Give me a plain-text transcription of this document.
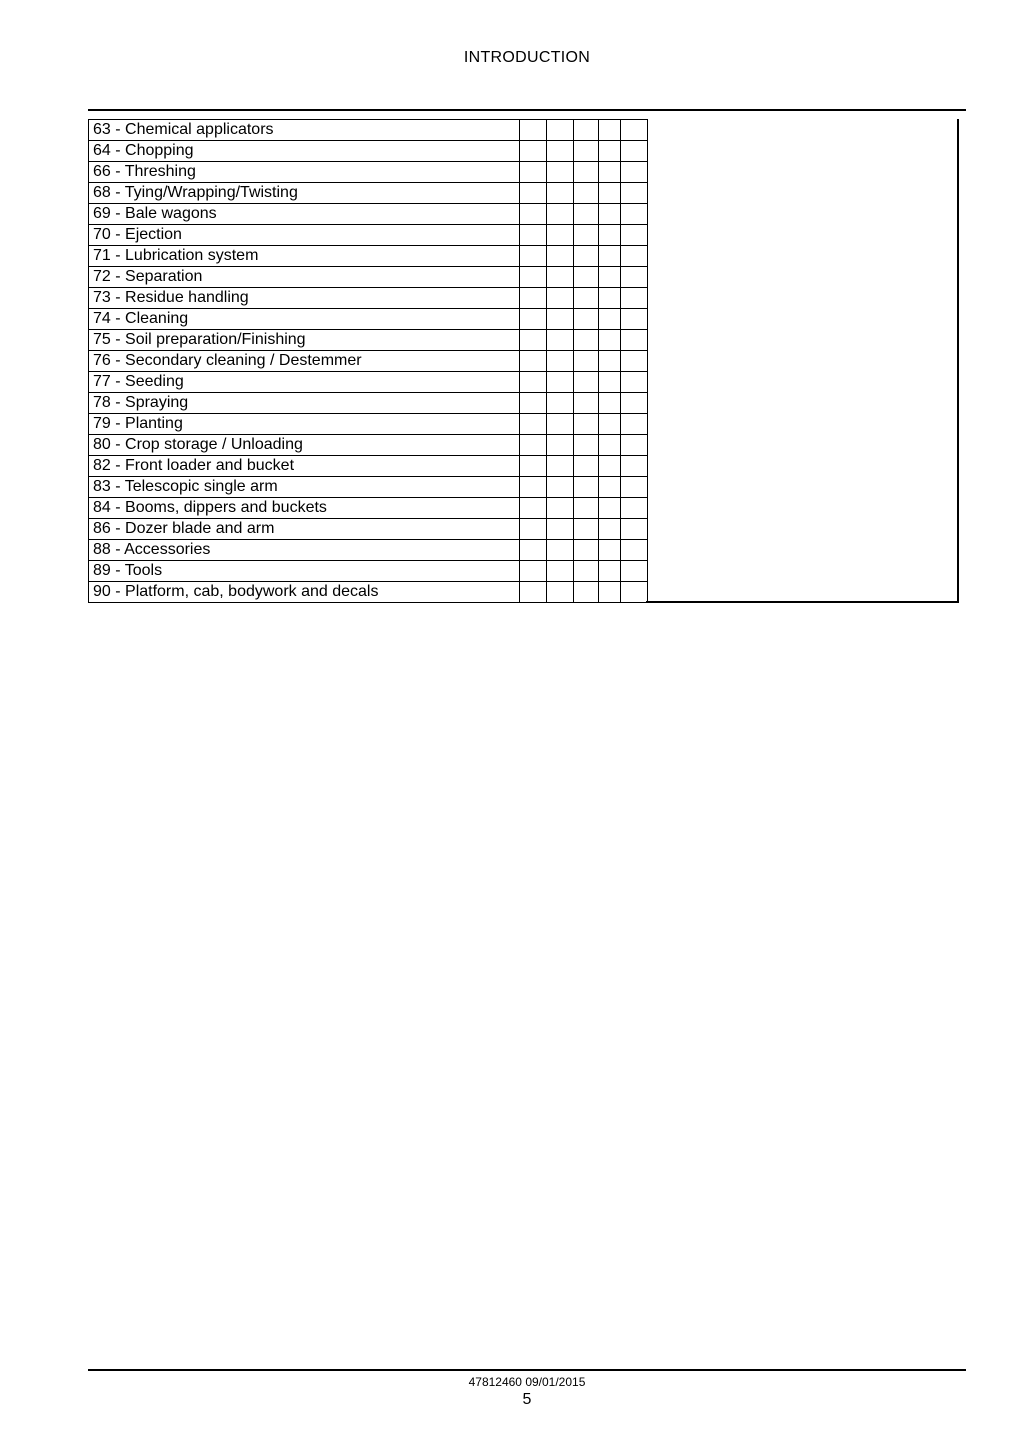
INTRODUCTION
63 - Chemical applicators					
64 - Chopping					
66 - Threshing					
68 - Tying/Wrapping/Twisting					
69 - Bale wagons					
70 - Ejection					
71 - Lubrication system					
72 - Separation					
73 - Residue handling					
74 - Cleaning					
75 - Soil preparation/Finishing					
76 - Secondary cleaning / Destemmer					
77 - Seeding					
78 - Spraying					
79 - Planting					
80 - Crop storage / Unloading					
82 - Front loader and bucket					
83 - Telescopic single arm					
84 - Booms, dippers and buckets					
86 - Dozer blade and arm					
88 - Accessories					
89 - Tools					
90 - Platform, cab, bodywork and decals					
47812460 09/01/2015
5
